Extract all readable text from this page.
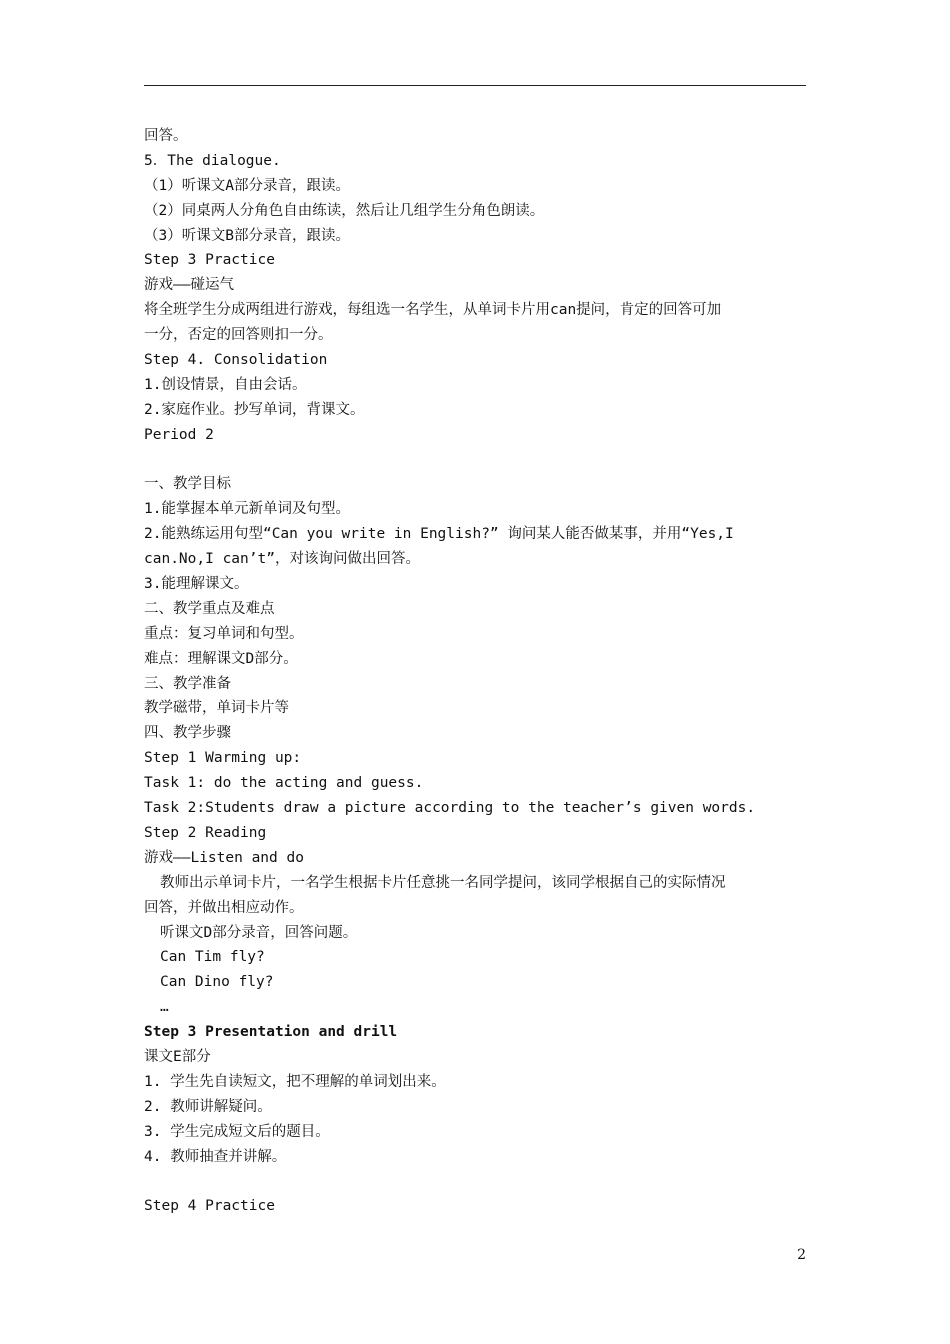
回答。
5．The dialogue.
（1）听课文A部分录音，跟读。
（2）同桌两人分角色自由练读，然后让几组学生分角色朗读。
（3）听课文B部分录音，跟读。
Step 3 Practice
游戏——碰运气
将全班学生分成两组进行游戏，每组选一名学生，从单词卡片用can提问，肯定的回答可加
一分，否定的回答则扣一分。
Step 4. Consolidation
1.创设情景，自由会话。
2.家庭作业。抄写单词，背课文。
Period 2
一、教学目标
1.能掌握本单元新单词及句型。
2.能熟练运用句型“Can you write in English?” 询问某人能否做某事，并用“Yes,I
can.No,I can’t”，对该询问做出回答。
3.能理解课文。
二、教学重点及难点
重点：复习单词和句型。
难点：理解课文D部分。
三、教学准备
教学磁带，单词卡片等
四、教学步骤
Step 1 Warming up:
Task 1: do the acting and guess.
Task 2:Students draw a picture according to the teacher’s given words.
Step 2 Reading
游戏——Listen and do
教师出示单词卡片，一名学生根据卡片任意挑一名同学提问，该同学根据自己的实际情况
回答，并做出相应动作。
听课文D部分录音，回答问题。
Can Tim fly?
Can Dino fly?
…
Step 3 Presentation and drill
课文E部分
1. 学生先自读短文，把不理解的单词划出来。
2. 教师讲解疑问。
3. 学生完成短文后的题目。
4. 教师抽查并讲解。
Step 4 Practice
2
